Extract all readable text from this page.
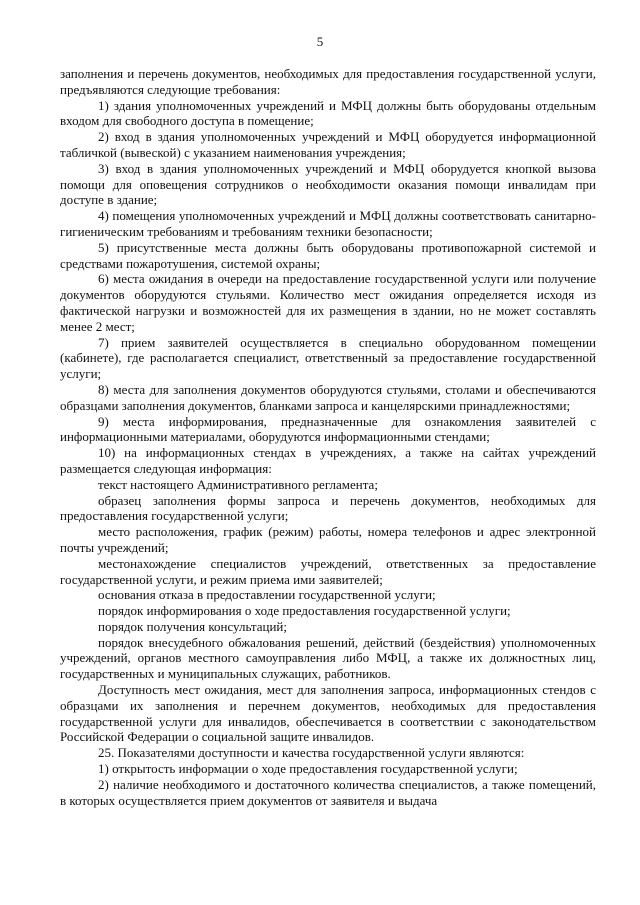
5

заполнения и перечень документов, необходимых для предоставления государственной услуги, предъявляются следующие требования:

1) здания уполномоченных учреждений и МФЦ должны быть оборудованы отдельным входом для свободного доступа в помещение;

2) вход в здания уполномоченных учреждений и МФЦ оборудуется информационной табличкой (вывеской) с указанием наименования учреждения;

3) вход в здания уполномоченных учреждений и МФЦ оборудуется кнопкой вызова помощи для оповещения сотрудников о необходимости оказания помощи инвалидам при доступе в здание;

4) помещения уполномоченных учреждений и МФЦ должны соответствовать санитарно-гигиеническим требованиям и требованиям техники безопасности;

5) присутственные места должны быть оборудованы противопожарной системой и средствами пожаротушения, системой охраны;

6) места ожидания в очереди на предоставление государственной услуги или получение документов оборудуются стульями. Количество мест ожидания определяется исходя из фактической нагрузки и возможностей для их размещения в здании, но не может составлять менее 2 мест;

7) прием заявителей осуществляется в специально оборудованном помещении (кабинете), где располагается специалист, ответственный за предоставление государственной услуги;

8) места для заполнения документов оборудуются стульями, столами и обеспечиваются образцами заполнения документов, бланками запроса и канцелярскими принадлежностями;

9) места информирования, предназначенные для ознакомления заявителей с информационными материалами, оборудуются информационными стендами;

10) на информационных стендах в учреждениях, а также на сайтах учреждений размещается следующая информация:

текст настоящего Административного регламента;

образец заполнения формы запроса и перечень документов, необходимых для предоставления государственной услуги;

место расположения, график (режим) работы, номера телефонов и адрес электронной почты учреждений;

местонахождение специалистов учреждений, ответственных за предоставление государственной услуги, и режим приема ими заявителей;

основания отказа в предоставлении государственной услуги;

порядок информирования о ходе предоставления государственной услуги;

порядок получения консультаций;

порядок внесудебного обжалования решений, действий (бездействия) уполномоченных учреждений, органов местного самоуправления либо МФЦ, а также их должностных лиц, государственных и муниципальных служащих, работников.

Доступность мест ожидания, мест для заполнения запроса, информационных стендов с образцами их заполнения и перечнем документов, необходимых для предоставления государственной услуги для инвалидов, обеспечивается в соответствии с законодательством Российской Федерации о социальной защите инвалидов.

25. Показателями доступности и качества государственной услуги являются:

1) открытость информации о ходе предоставления государственной услуги;

2) наличие необходимого и достаточного количества специалистов, а также помещений, в которых осуществляется прием документов от заявителя и выдача
